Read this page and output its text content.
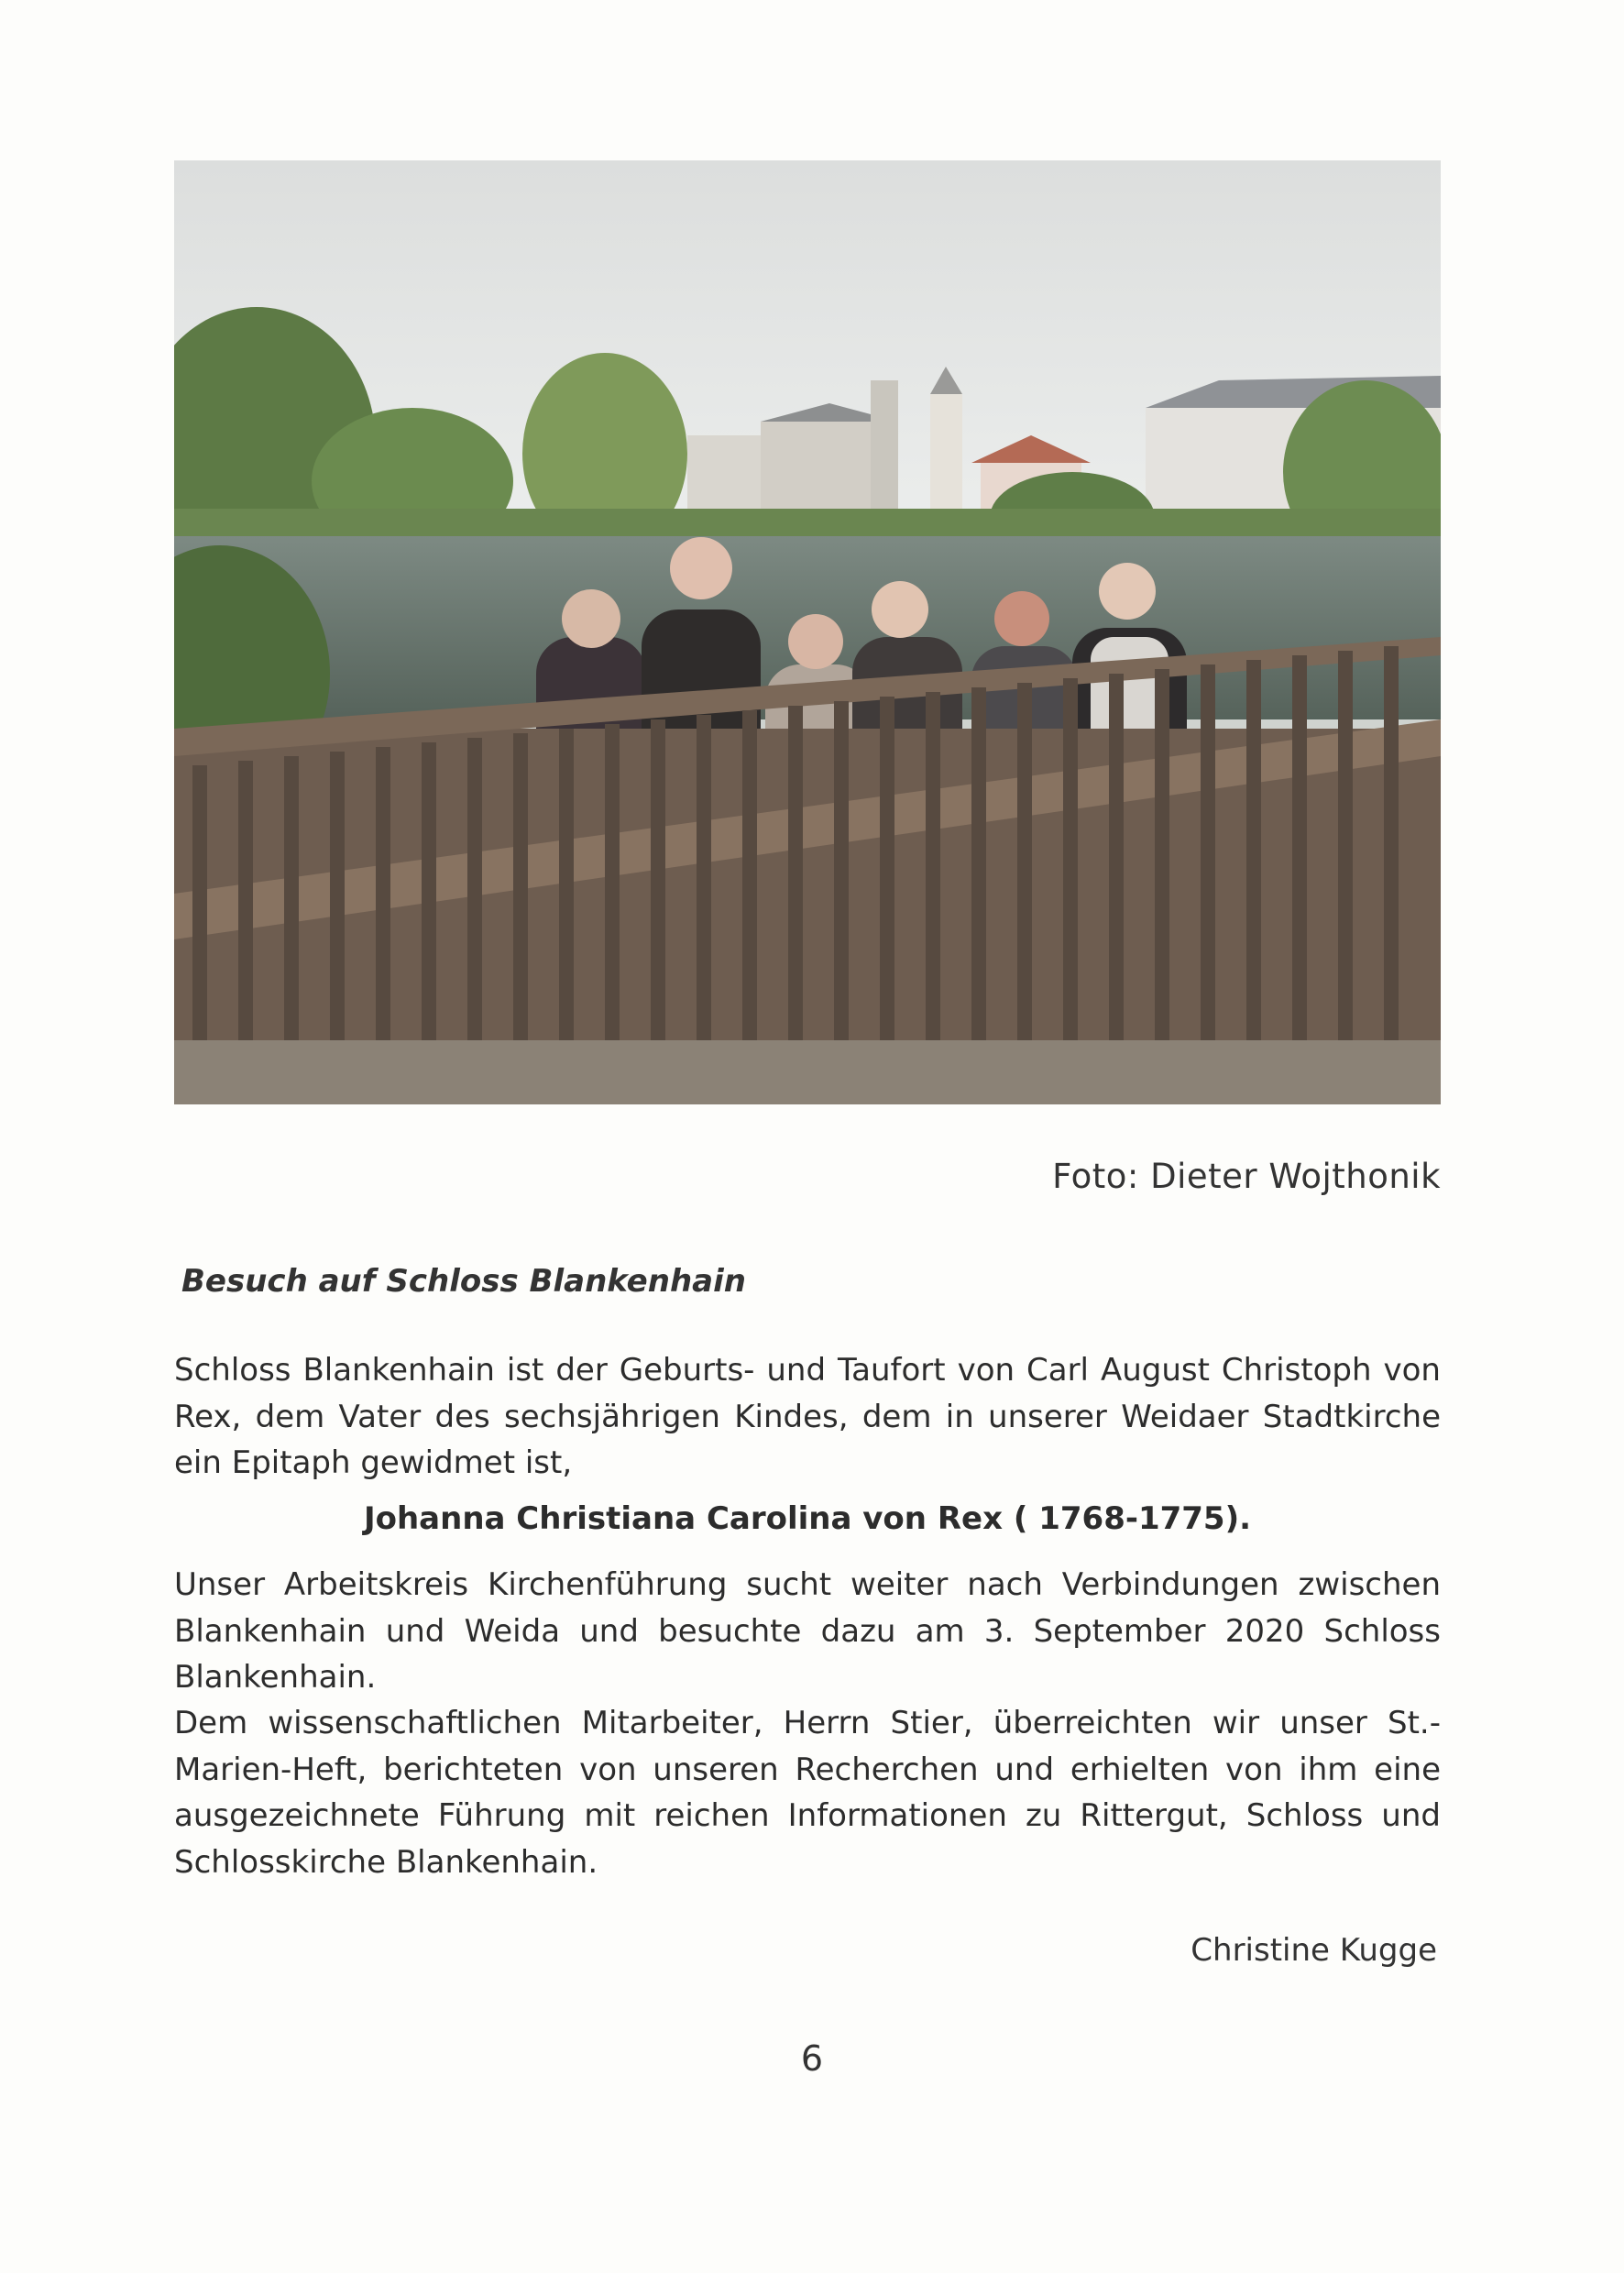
Foto: Dieter Wojthonik
Besuch auf Schloss Blankenhain
Schloss Blankenhain ist der Geburts- und Taufort von Carl August Christoph von Rex, dem Vater des sechsjährigen Kindes, dem in unserer Weidaer Stadtkirche ein Epitaph gewidmet ist,
Johanna Christiana Carolina von Rex ( 1768-1775).
Unser Arbeitskreis Kirchenführung sucht weiter nach Verbindungen zwischen Blankenhain und Weida und besuchte dazu am 3. September 2020 Schloss Blankenhain.
Dem wissenschaftlichen Mitarbeiter, Herrn Stier, überreichten wir unser St.-Marien-Heft, berichteten von unseren Recherchen und erhielten von ihm eine ausgezeichnete Führung mit reichen Informationen zu Rittergut, Schloss und Schlosskirche Blankenhain.
Christine Kugge
6
